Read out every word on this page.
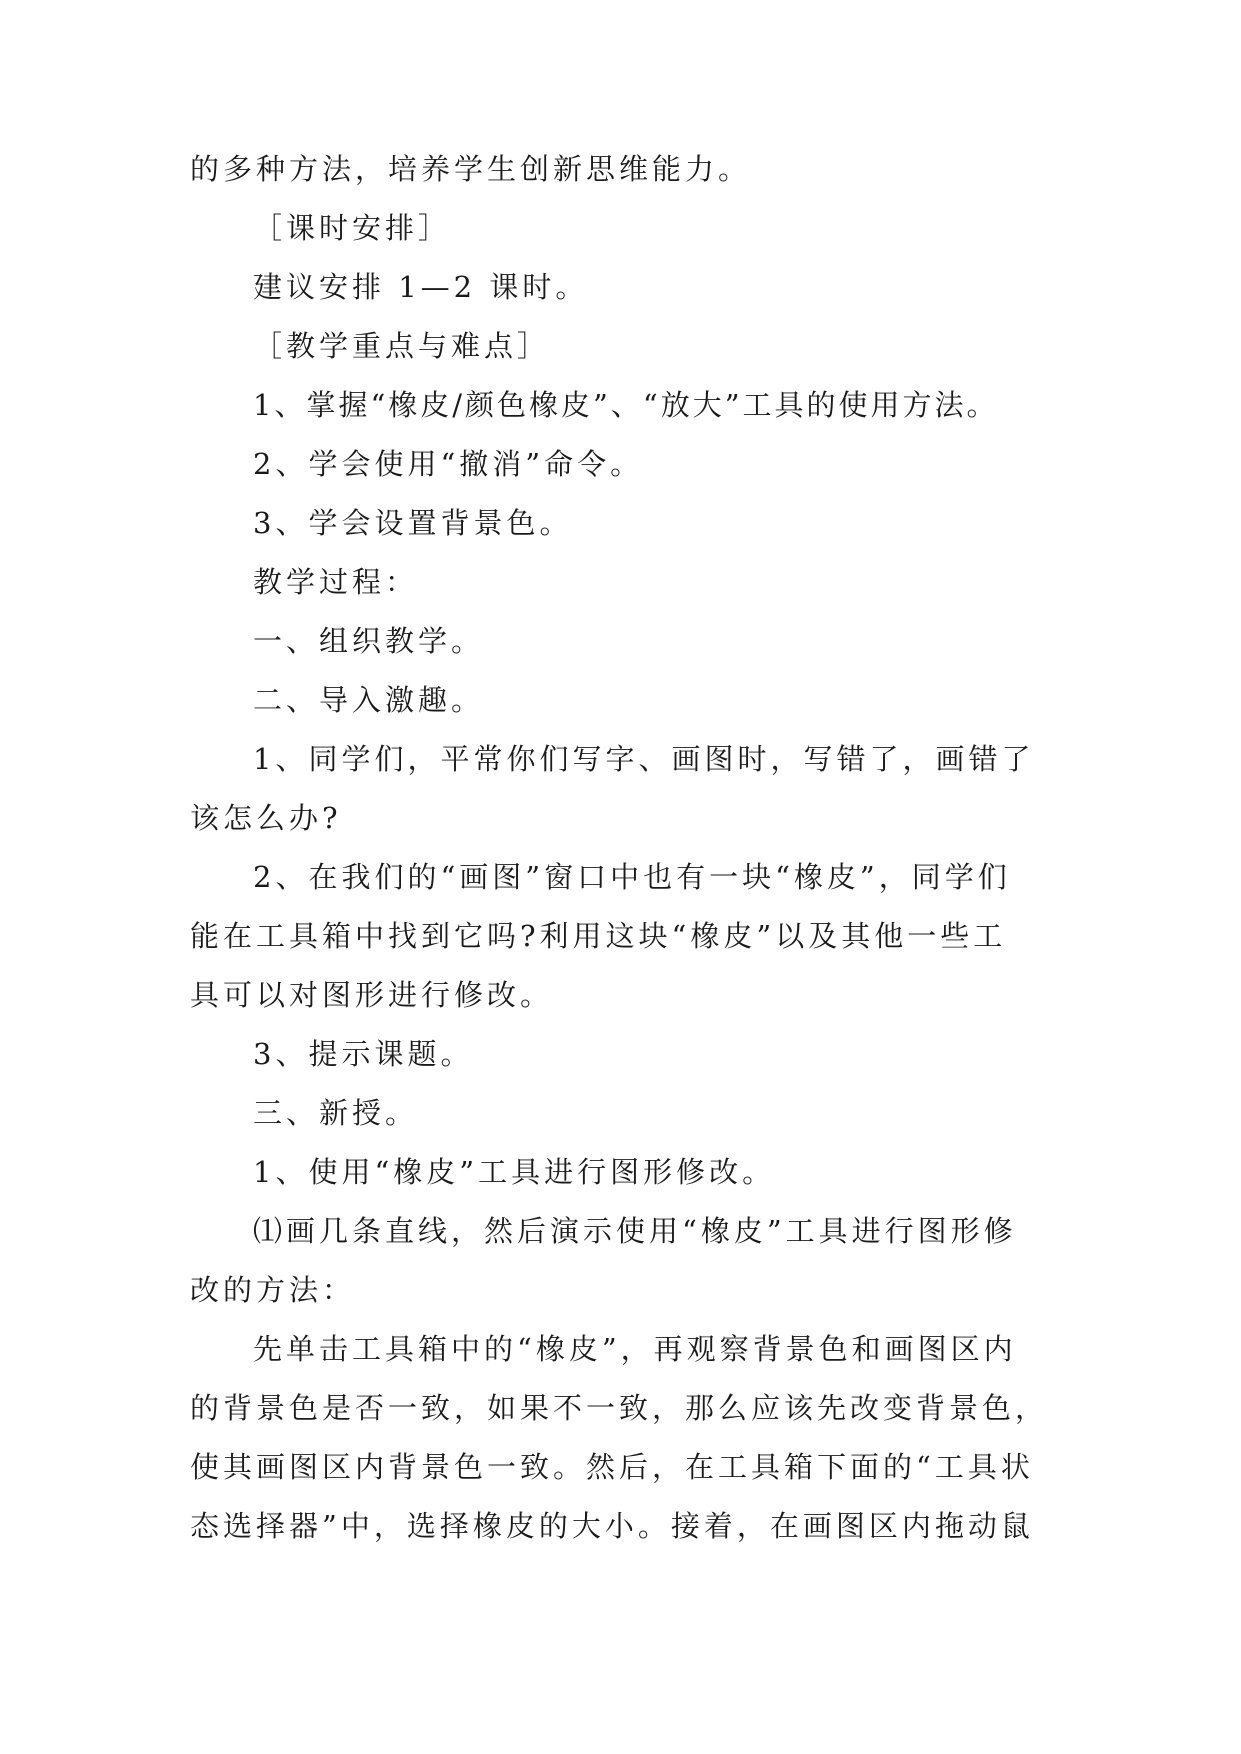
的多种方法，培养学生创新思维能力。
［课时安排］
建议安排 1—2 课时。
［教学重点与难点］
1、掌握“橡皮/颜色橡皮”、“放大”工具的使用方法。
2、学会使用“撤消”命令。
3、学会设置背景色。
教学过程：
一、组织教学。
二、导入激趣。
1、同学们，平常你们写字、画图时，写错了，画错了
该怎么办?
2、在我们的“画图”窗口中也有一块“橡皮”，同学们
能在工具箱中找到它吗?利用这块“橡皮”以及其他一些工
具可以对图形进行修改。
3、提示课题。
三、新授。
1、使用“橡皮”工具进行图形修改。
⑴画几条直线，然后演示使用“橡皮”工具进行图形修
改的方法：
先单击工具箱中的“橡皮”，再观察背景色和画图区内
的背景色是否一致，如果不一致，那么应该先改变背景色，
使其画图区内背景色一致。然后，在工具箱下面的“工具状
态选择器”中，选择橡皮的大小。接着，在画图区内拖动鼠
